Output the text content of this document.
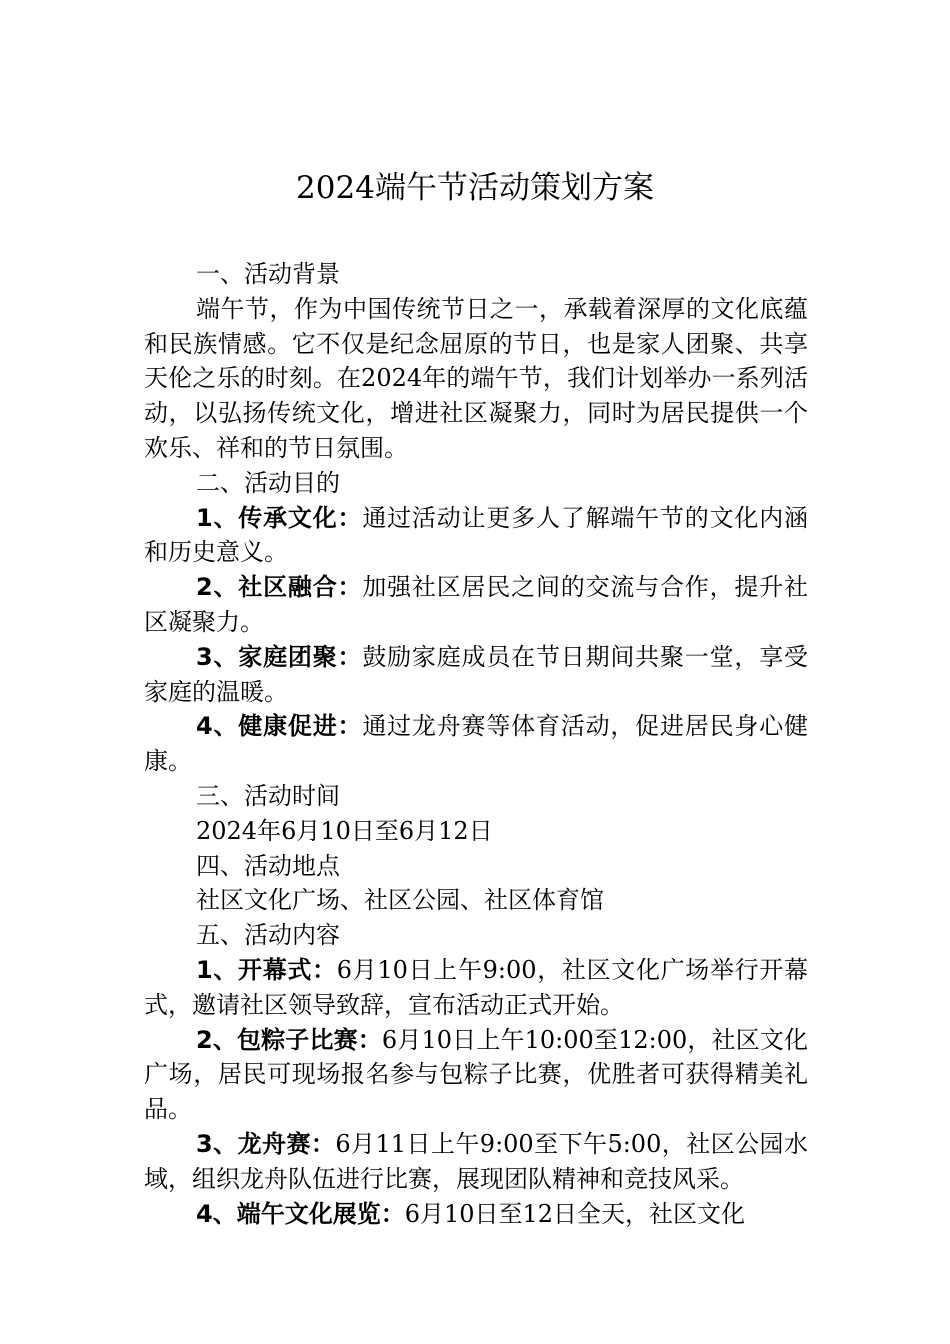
2024端午节活动策划方案

一、活动背景

端午节，作为中国传统节日之一，承载着深厚的文化底蕴和民族情感。它不仅是纪念屈原的节日，也是家人团聚、共享天伦之乐的时刻。在2024年的端午节，我们计划举办一系列活动，以弘扬传统文化，增进社区凝聚力，同时为居民提供一个欢乐、祥和的节日氛围。

二、活动目的

1、传承文化：通过活动让更多人了解端午节的文化内涵和历史意义。

2、社区融合：加强社区居民之间的交流与合作，提升社区凝聚力。

3、家庭团聚：鼓励家庭成员在节日期间共聚一堂，享受家庭的温暖。

4、健康促进：通过龙舟赛等体育活动，促进居民身心健康。

三、活动时间

2024年6月10日至6月12日

四、活动地点

社区文化广场、社区公园、社区体育馆

五、活动内容

1、开幕式：6月10日上午9:00，社区文化广场举行开幕式，邀请社区领导致辞，宣布活动正式开始。

2、包粽子比赛：6月10日上午10:00至12:00，社区文化广场，居民可现场报名参与包粽子比赛，优胜者可获得精美礼品。

3、龙舟赛：6月11日上午9:00至下午5:00，社区公园水域，组织龙舟队伍进行比赛，展现团队精神和竞技风采。

4、端午文化展览：6月10日至12日全天，社区文化
